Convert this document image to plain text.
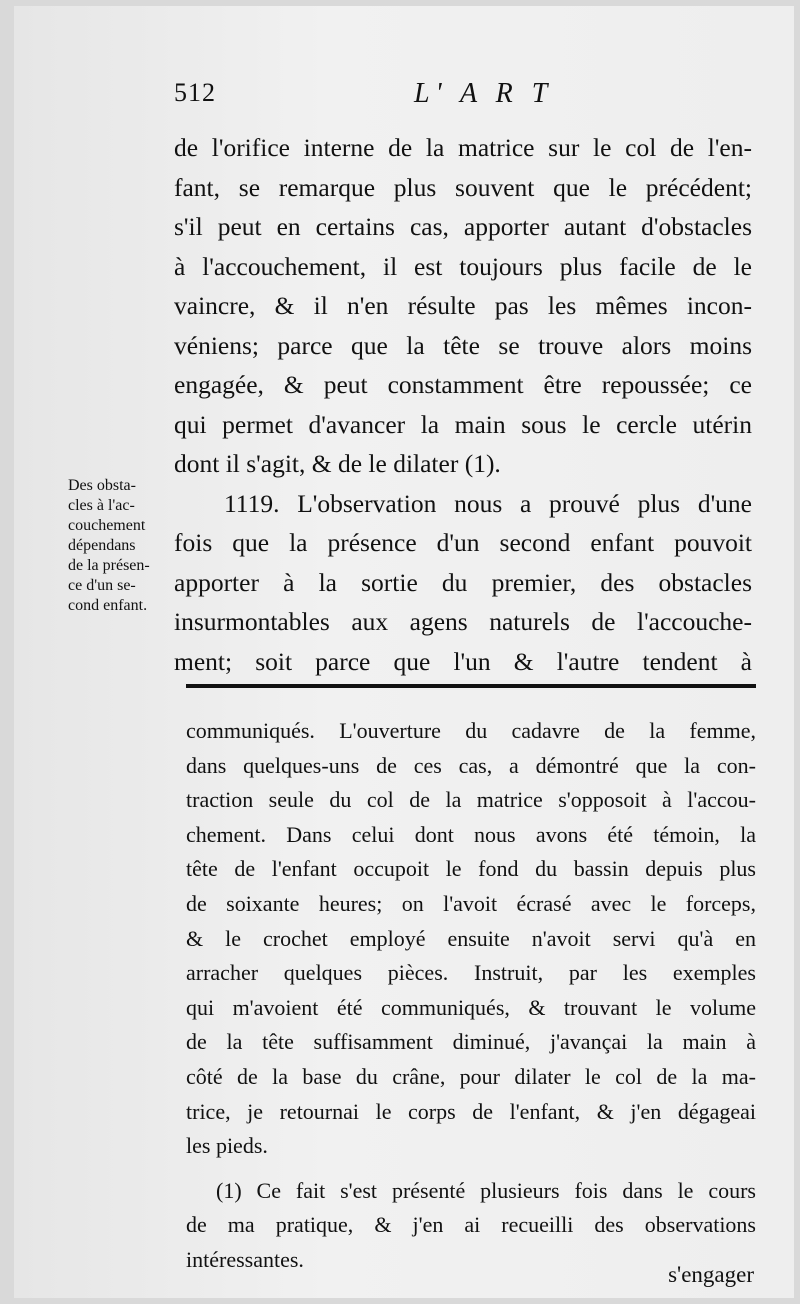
512	L' A R T

de l'orifice interne de la matrice sur le col de l'en-
fant, se remarque plus souvent que le précédent;
s'il peut en certains cas, apporter autant d'obstacles
à l'accouchement, il est toujours plus facile de le
vaincre, & il n'en résulte pas les mêmes incon-
véniens; parce que la tête se trouve alors moins
engagée, & peut constamment être repoussée; ce
qui permet d'avancer la main sous le cercle utérin
dont il s'agit, & de le dilater (1).

1119. L'observation nous a prouvé plus d'une
fois que la présence d'un second enfant pouvoit
apporter à la sortie du premier, des obstacles
insurmontables aux agens naturels de l'accouche-
ment; soit parce que l'un & l'autre tendent à

Des obsta-
cles à l'ac-
couchement
dépendans
de la présen-
ce d'un se-
cond enfant.

communiqués. L'ouverture du cadavre de la femme,
dans quelques-uns de ces cas, a démontré que la con-
traction seule du col de la matrice s'opposoit à l'accou-
chement. Dans celui dont nous avons été témoin, la
tête de l'enfant occupoit le fond du bassin depuis plus
de soixante heures; on l'avoit écrasé avec le forceps,
& le crochet employé ensuite n'avoit servi qu'à en
arracher quelques pièces. Instruit, par les exemples
qui m'avoient été communiqués, & trouvant le volume
de la tête suffisamment diminué, j'avançai la main à
côté de la base du crâne, pour dilater le col de la ma-
trice, je retournai le corps de l'enfant, & j'en dégageai
les pieds.

(1) Ce fait s'est présenté plusieurs fois dans le cours
de ma pratique, & j'en ai recueilli des observations
intéressantes.

s'engager
